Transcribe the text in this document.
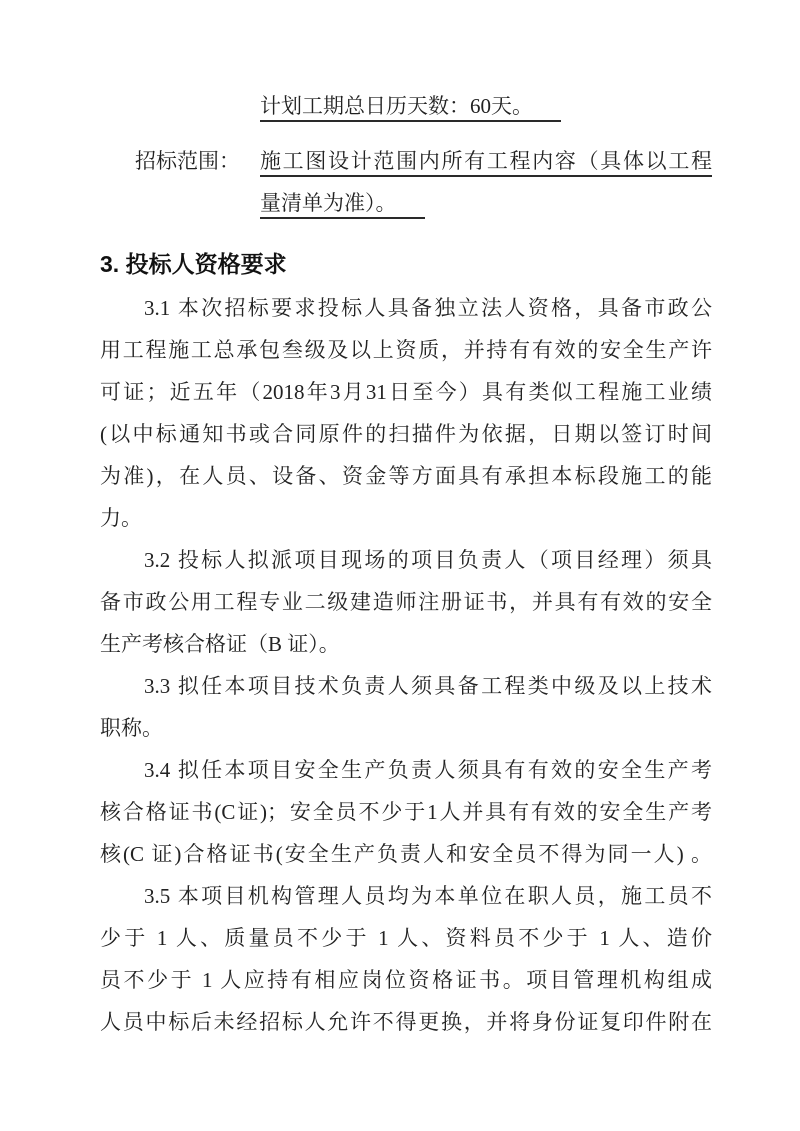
计划工期总日历天数：60天。
招标范围： 施工图设计范围内所有工程内容（具体以工程
量清单为准）。
3. 投标人资格要求
3.1 本次招标要求投标人具备独立法人资格，具备市政公
用工程施工总承包叁级及以上资质，并持有有效的安全生产许
可证；近五年（2018年3月31日至今）具有类似工程施工业绩
(以中标通知书或合同原件的扫描件为依据，日期以签订时间
为准)，在人员、设备、资金等方面具有承担本标段施工的能
力。
3.2 投标人拟派项目现场的项目负责人（项目经理）须具
备市政公用工程专业二级建造师注册证书，并具有有效的安全
生产考核合格证（B 证）。
3.3 拟任本项目技术负责人须具备工程类中级及以上技术
职称。
3.4 拟任本项目安全生产负责人须具有有效的安全生产考
核合格证书(C证)；安全员不少于1人并具有有效的安全生产考
核(C 证)合格证书(安全生产负责人和安全员不得为同一人) 。
3.5 本项目机构管理人员均为本单位在职人员，施工员不
少于 1 人、质量员不少于 1 人、资料员不少于 1 人、造价
员不少于 1 人应持有相应岗位资格证书。项目管理机构组成
人员中标后未经招标人允许不得更换，并将身份证复印件附在
